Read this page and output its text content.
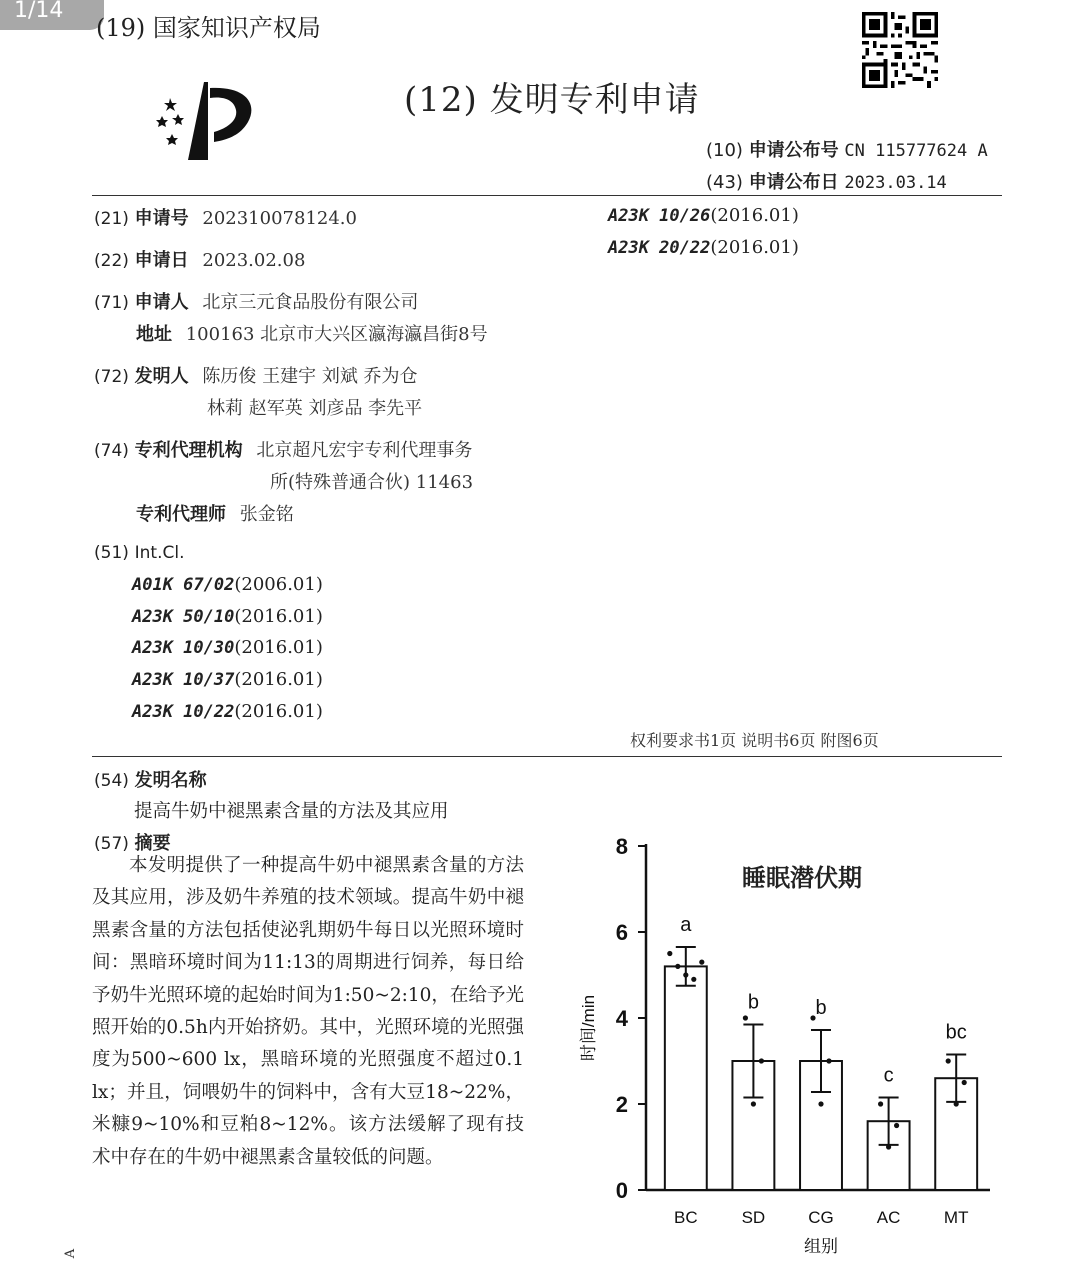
1/14
(19) 国家知识产权局
(12) 发明专利申请
(10) 申请公布号 CN 115777624 A
(43) 申请公布日 2023.03.14
(21) 申请号 202310078124.0
(22) 申请日 2023.02.08
(71) 申请人 北京三元食品股份有限公司
地址 100163 北京市大兴区瀛海瀛昌街8号
(72) 发明人 陈历俊 王建宇 刘斌 乔为仓
林莉 赵军英 刘彦品 李先平
(74) 专利代理机构 北京超凡宏宇专利代理事务
所(特殊普通合伙) 11463
专利代理师 张金铭
(51) Int.Cl.
A01K 67/02(2006.01)
A23K 50/10(2016.01)
A23K 10/30(2016.01)
A23K 10/37(2016.01)
A23K 10/22(2016.01)
A23K 10/26(2016.01)
A23K 20/22(2016.01)
权利要求书1页 说明书6页 附图6页
(54) 发明名称
提高牛奶中褪黑素含量的方法及其应用
(57) 摘要
本发明提供了一种提高牛奶中褪黑素含量的方法及其应用，涉及奶牛养殖的技术领域。提高牛奶中褪黑素含量的方法包括使泌乳期奶牛每日以光照环境时间：黑暗环境时间为11:13的周期进行饲养，每日给予奶牛光照环境的起始时间为1:50~2:10，在给予光照开始的0.5h内开始挤奶。其中，光照环境的光照强度为500~600 lx，黑暗环境的光照强度不超过0.1 lx；并且，饲喂奶牛的饲料中，含有大豆18~22%，米糠9~10%和豆粕8~12%。该方法缓解了现有技术中存在的牛奶中褪黑素含量较低的问题。
0
2
4
6
8
a
BC
b
SD
b
CG
c
AC
bc
MT
组别
时间/min
睡眠潜伏期
A
